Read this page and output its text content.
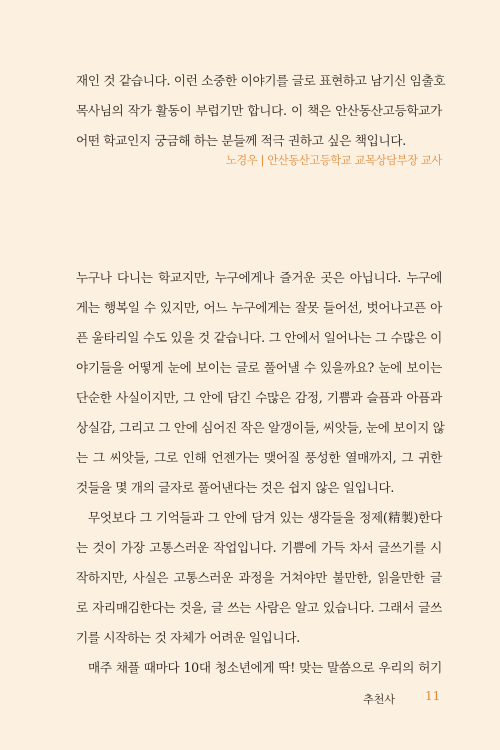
재인 것 같습니다. 이런 소중한 이야기를 글로 표현하고 남기신 임출호
목사님의 작가 활동이 부럽기만 합니다. 이 책은 안산동산고등학교가
어떤 학교인지 궁금해 하는 분들께 적극 권하고 싶은 책입니다.
노경우 | 안산동산고등학교 교목상담부장 교사
누구나 다니는 학교지만, 누구에게나 즐거운 곳은 아닙니다. 누구에
게는 행복일 수 있지만, 어느 누구에게는 잘못 들어선, 벗어나고픈 아
픈 울타리일 수도 있을 것 같습니다. 그 안에서 일어나는 그 수많은 이
야기들을 어떻게 눈에 보이는 글로 풀어낼 수 있을까요? 눈에 보이는
단순한 사실이지만, 그 안에 담긴 수많은 감정, 기쁨과 슬픔과 아픔과
상실감, 그리고 그 안에 심어진 작은 알갱이들, 씨앗들, 눈에 보이지 않
는 그 씨앗들, 그로 인해 언젠가는 맺어질 풍성한 열매까지, 그 귀한
것들을 몇 개의 글자로 풀어낸다는 것은 쉽지 않은 일입니다.
무엇보다 그 기억들과 그 안에 담겨 있는 생각들을 정제(精製)한다
는 것이 가장 고통스러운 작업입니다. 기쁨에 가득 차서 글쓰기를 시
작하지만, 사실은 고통스러운 과정을 거쳐야만 불만한, 읽을만한 글
로 자리매김한다는 것을, 글 쓰는 사람은 알고 있습니다. 그래서 글쓰
기를 시작하는 것 자체가 어려운 일입니다.
매주 채플 때마다 10대 청소년에게 딱! 맞는 말씀으로 우리의 허기
추천사	11
